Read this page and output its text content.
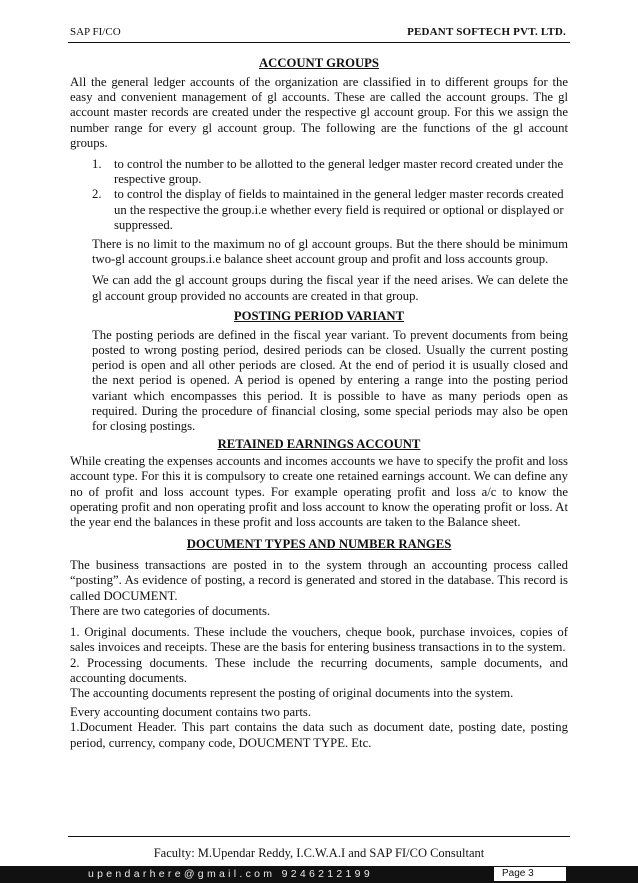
SAP FI/CO	PEDANT SOFTECH PVT. LTD.
ACCOUNT GROUPS

All the general ledger accounts of the organization are classified in to different groups for the easy and convenient management of gl accounts. These are called the account groups. The gl account master records are created under the respective gl account group. For this we assign the number range for every gl account group. The following are the functions of the gl account groups.

1. to control the number to be allotted to the general ledger master record created under the respective group.
2. to control the display of fields to maintained in the general ledger master records created un the respective the group.i.e whether every field is required or optional or displayed or suppressed.

There is no limit to the maximum no of gl account groups. But the there should be minimum two-gl account groups.i.e balance sheet account group and profit and loss accounts group.

We can add the gl account groups during the fiscal year if the need arises. We can delete the gl account group provided no accounts are created in that group.

POSTING PERIOD VARIANT

The posting periods are defined in the fiscal year variant. To prevent documents from being posted to wrong posting period, desired periods can be closed. Usually the current posting period is open and all other periods are closed. At the end of period it is usually closed and the next period is opened. A period is opened by entering a range into the posting period variant which encompasses this period. It is possible to have as many periods open as required. During the procedure of financial closing, some special periods may also be open for closing postings.

RETAINED EARNINGS ACCOUNT

While creating the expenses accounts and incomes accounts we have to specify the profit and loss account type. For this it is compulsory to create one retained earnings account. We can define any no of profit and loss account types. For example operating profit and loss a/c to know the operating profit and non operating profit and loss account to know the operating profit or loss. At the year end the balances in these profit and loss accounts are taken to the Balance sheet.

DOCUMENT TYPES AND NUMBER RANGES

The business transactions are posted in to the system through an accounting process called “posting”. As evidence of posting, a record is generated and stored in the database. This record is called DOCUMENT.

There are two categories of documents.

1. Original documents. These include the vouchers, cheque book, purchase invoices, copies of sales invoices and receipts. These are the basis for entering business transactions in to the system.

2. Processing documents. These include the recurring documents, sample documents, and accounting documents.

The accounting documents represent the posting of original documents into the system.

Every accounting document contains two parts.

1.Document Header. This part contains the data such as document date, posting date, posting period, currency, company code, DOUCMENT TYPE. Etc.

Faculty: M.Upendar Reddy, I.C.W.A.I and SAP FI/CO Consultant
upendarhere@gmail.com 9246212199	Page 3
